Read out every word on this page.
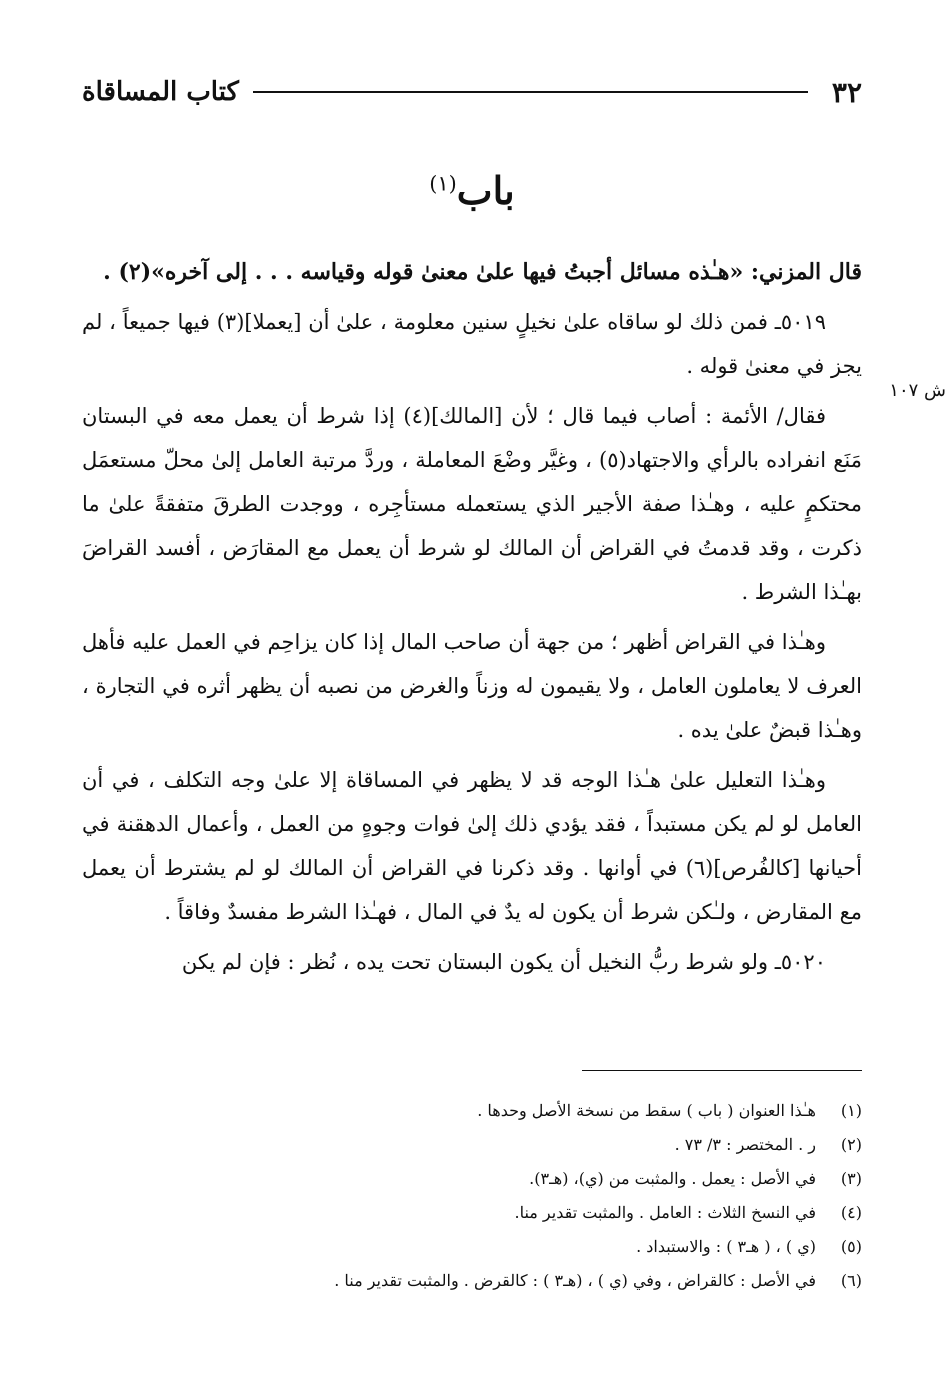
٣٢
كتاب المساقاة
باب$^{(١)}$
ش ١٠٧

قال المزني: «هـٰذه مسائل أجبتُ فيها علىٰ معنىٰ قوله وقياسه . . . إلى آخره»(٢) .

٥٠١٩ـ فمن ذلك لو ساقاه علىٰ نخيلٍ سنين معلومة ، علىٰ أن [يعملا](٣) فيها جميعاً ، لم يجز في معنىٰ قوله .

فقال/ الأئمة : أصاب فيما قال ؛ لأن [المالك](٤) إذا شرط أن يعمل معه في البستان مَنَع انفراده بالرأي والاجتهاد(٥) ، وغيَّر وضْعَ المعاملة ، وردَّ مرتبة العامل إلىٰ محلّ مستعمَل محتكمٍ عليه ، وهـٰذا صفة الأجير الذي يستعمله مستأجِره ، ووجدت الطرقَ متفقةً علىٰ ما ذكرت ، وقد قدمتُ في القراض أن المالك لو شرط أن يعمل مع المقارَض ، أفسد القراضَ بهـٰذا الشرط .

وهـٰذا في القراض أظهر ؛ من جهة أن صاحب المال إذا كان يزاحِم في العمل عليه فأهل العرف لا يعاملون العامل ، ولا يقيمون له وزناً والغرض من نصبه أن يظهر أثره في التجارة ، وهـٰذا قبضٌ علىٰ يده .

وهـٰذا التعليل علىٰ هـٰذا الوجه قد لا يظهر في المساقاة إلا علىٰ وجه التكلف ، في أن العامل لو لم يكن مستبداً ، فقد يؤدي ذلك إلىٰ فوات وجوهٍ من العمل ، وأعمال الدهقنة في أحيانها [كالفُرص](٦) في أوانها . وقد ذكرنا في القراض أن المالك لو لم يشترط أن يعمل مع المقارض ، ولـٰكن شرط أن يكون له يدٌ في المال ، فهـٰذا الشرط مفسدٌ وفاقاً .

٥٠٢٠ـ ولو شرط ربُّ النخيل أن يكون البستان تحت يده ، نُظر : فإن لم يكن

(١)
هـٰذا العنوان ( باب ) سقط من نسخة الأصل وحدها .
(٢)
ر . المختصر : ٣/ ٧٣ .
(٣)
في الأصل : يعمل . والمثبت من (ي)، (هـ٣).
(٤)
في النسخ الثلاث : العامل . والمثبت تقدير منا.
(٥)
(ي ) ، ( هـ٣ ) : والاستبداد .
(٦)
في الأصل : كالقراض ، وفي (ي ) ، (هـ٣ ) : كالقرض . والمثبت تقدير منا .
